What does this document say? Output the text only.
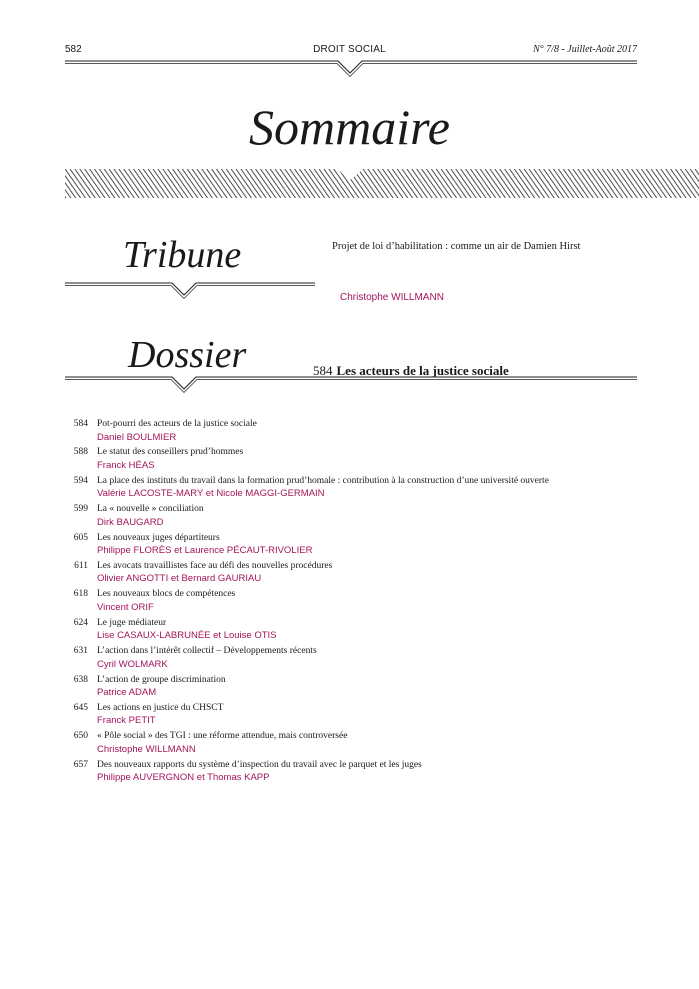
582	DROIT SOCIAL	N° 7/8 - Juillet-Août 2017
Sommaire
Tribune	Projet de loi d’habilitation : comme un air de Damien Hirst
Christophe WILLMANN
Dossier	584 Les acteurs de la justice sociale
584 Pot-pourri des acteurs de la justice sociale
Daniel BOULMIER
588 Le statut des conseillers prud’hommes
Franck HÉAS
594 La place des instituts du travail dans la formation prud’homale : contribution à la construction d’une université ouverte
Valérie LACOSTE-MARY et Nicole MAGGI-GERMAIN
599 La « nouvelle » conciliation
Dirk BAUGARD
605 Les nouveaux juges départiteurs
Philippe FLORÈS et Laurence PÉCAUT-RIVOLIER
611 Les avocats travaillistes face au défi des nouvelles procédures
Olivier ANGOTTI et Bernard GAURIAU
618 Les nouveaux blocs de compétences
Vincent ORIF
624 Le juge médiateur
Lise CASAUX-LABRUNÉE et Louise OTIS
631 L’action dans l’intérêt collectif – Développements récents
Cyril WOLMARK
638 L’action de groupe discrimination
Patrice ADAM
645 Les actions en justice du CHSCT
Franck PETIT
650 « Pôle social » des TGI : une réforme attendue, mais controversée
Christophe WILLMANN
657 Des nouveaux rapports du système d’inspection du travail avec le parquet et les juges
Philippe AUVERGNON et Thomas KAPP
